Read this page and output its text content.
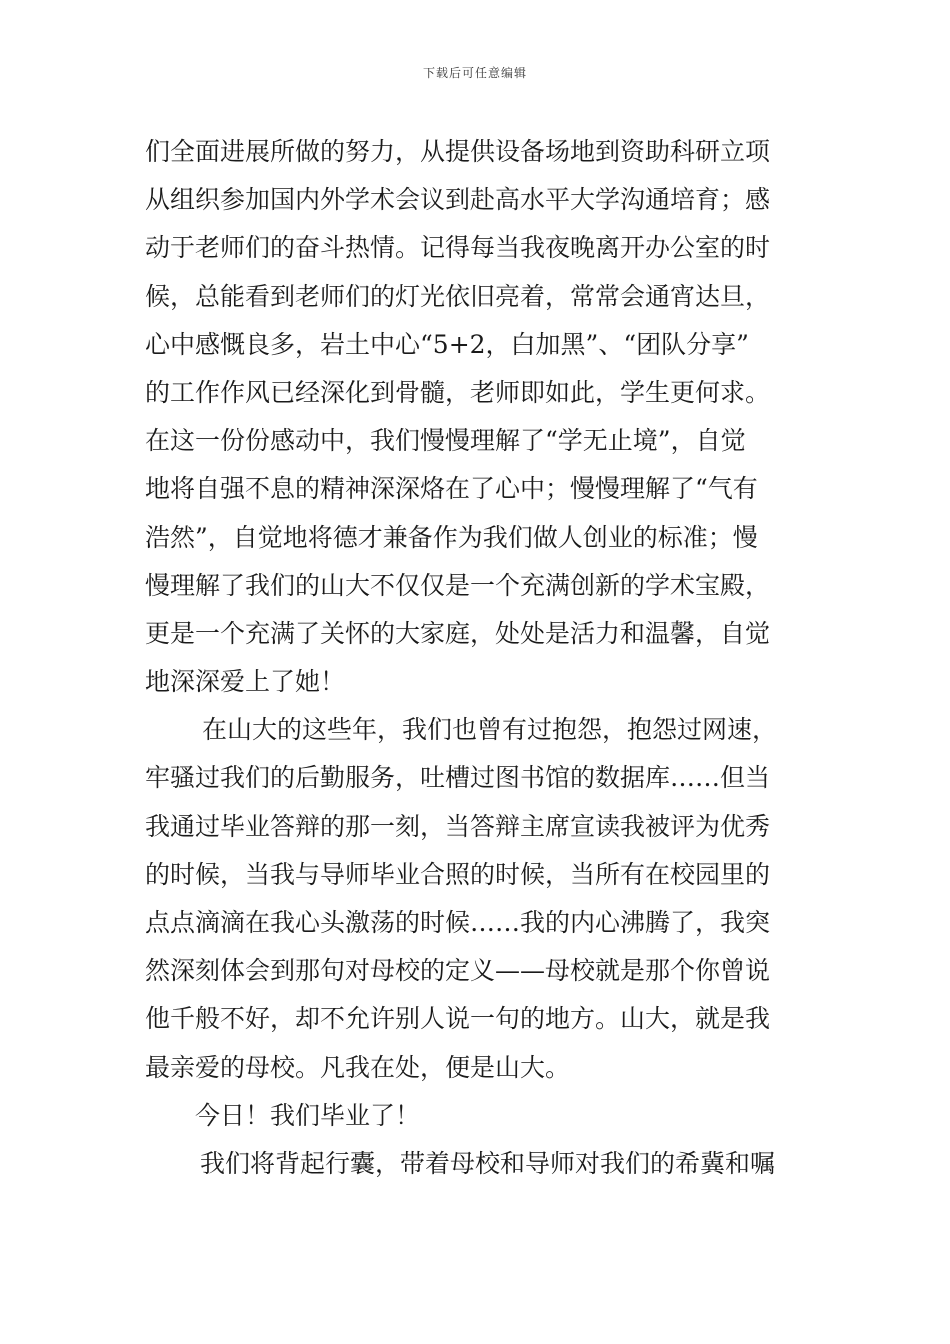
下载后可任意编辑
们全面进展所做的努力，从提供设备场地到资助科研立项
从组织参加国内外学术会议到赴高水平大学沟通培育；感
动于老师们的奋斗热情。记得每当我夜晚离开办公室的时
候，总能看到老师们的灯光依旧亮着，常常会通宵达旦，
心中感慨良多，岩土中心“5+2，白加黑”、“团队分享”
的工作作风已经深化到骨髓，老师即如此，学生更何求。
在这一份份感动中，我们慢慢理解了“学无止境”，自觉
地将自强不息的精神深深烙在了心中；慢慢理解了“气有
浩然”，自觉地将德才兼备作为我们做人创业的标准；慢
慢理解了我们的山大不仅仅是一个充满创新的学术宝殿，
更是一个充满了关怀的大家庭，处处是活力和温馨，自觉
地深深爱上了她！
在山大的这些年，我们也曾有过抱怨，抱怨过网速，
牢骚过我们的后勤服务，吐槽过图书馆的数据库……但当
我通过毕业答辩的那一刻，当答辩主席宣读我被评为优秀
的时候，当我与导师毕业合照的时候，当所有在校园里的
点点滴滴在我心头激荡的时候……我的内心沸腾了，我突
然深刻体会到那句对母校的定义——母校就是那个你曾说
他千般不好，却不允许别人说一句的地方。山大，就是我
最亲爱的母校。凡我在处，便是山大。
今日！我们毕业了！
我们将背起行囊，带着母校和导师对我们的希冀和嘱
